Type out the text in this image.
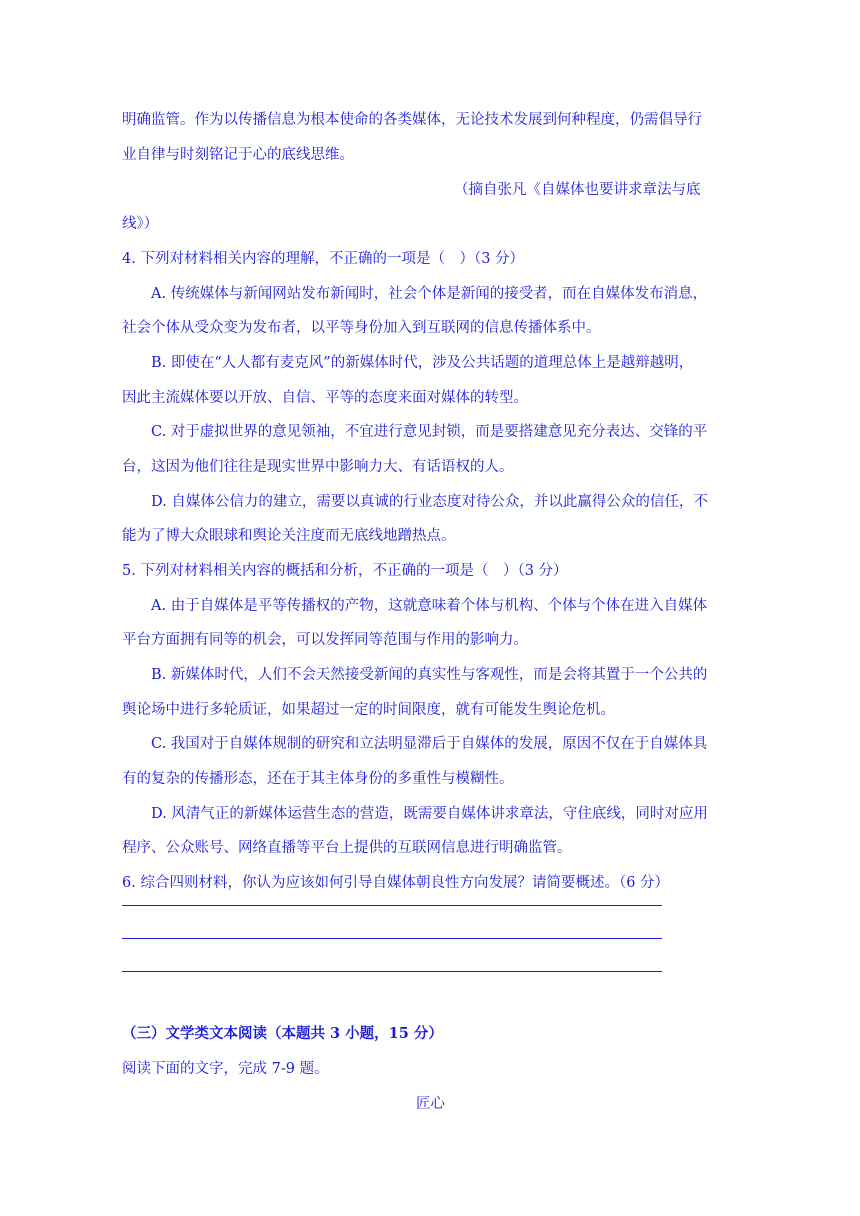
明确监管。作为以传播信息为根本使命的各类媒体，无论技术发展到何种程度，仍需倡导行
业自律与时刻铭记于心的底线思维。
（摘自张凡《自媒体也要讲求章法与底
线》）
4. 下列对材料相关内容的理解，不正确的一项是（　）（3 分）
A. 传统媒体与新闻网站发布新闻时，社会个体是新闻的接受者，而在自媒体发布消息，
社会个体从受众变为发布者，以平等身份加入到互联网的信息传播体系中。
B. 即使在“人人都有麦克风”的新媒体时代，涉及公共话题的道理总体上是越辩越明，
因此主流媒体要以开放、自信、平等的态度来面对媒体的转型。
C. 对于虚拟世界的意见领袖，不宜进行意见封锁，而是要搭建意见充分表达、交锋的平
台，这因为他们往往是现实世界中影响力大、有话语权的人。
D. 自媒体公信力的建立，需要以真诚的行业态度对待公众，并以此赢得公众的信任，不
能为了博大众眼球和舆论关注度而无底线地蹭热点。
5. 下列对材料相关内容的概括和分析，不正确的一项是（　）（3 分）
A. 由于自媒体是平等传播权的产物，这就意味着个体与机构、个体与个体在进入自媒体
平台方面拥有同等的机会，可以发挥同等范围与作用的影响力。
B. 新媒体时代，人们不会天然接受新闻的真实性与客观性，而是会将其置于一个公共的
舆论场中进行多轮质证，如果超过一定的时间限度，就有可能发生舆论危机。
C. 我国对于自媒体规制的研究和立法明显滞后于自媒体的发展，原因不仅在于自媒体具
有的复杂的传播形态，还在于其主体身份的多重性与模糊性。
D. 风清气正的新媒体运营生态的营造，既需要自媒体讲求章法，守住底线，同时对应用
程序、公众账号、网络直播等平台上提供的互联网信息进行明确监管。
6. 综合四则材料，你认为应该如何引导自媒体朝良性方向发展？请简要概述。（6 分）
（三）文学类文本阅读（本题共 3 小题，15 分）
阅读下面的文字，完成 7-9 题。
匠心
